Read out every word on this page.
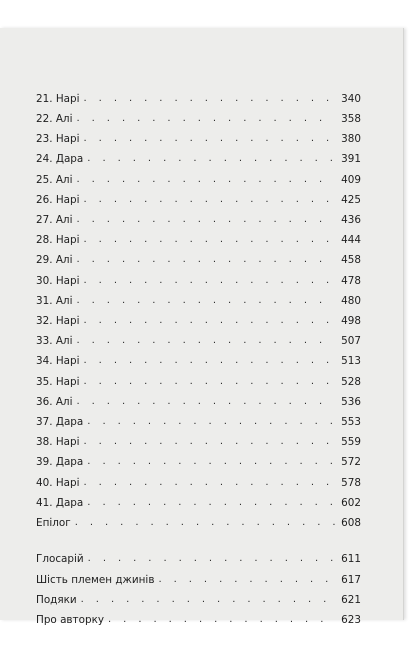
21. Нарі . . .	340
22. Алі . . .	358
23. Нарі . . .	380
24. Дара . . .	391
25. Алі . . .	409
26. Нарі . . .	425
27. Алі . . .	436
28. Нарі . . .	444
29. Алі . . .	458
30. Нарі . . .	478
31. Алі . . .	480
32. Нарі . . .	498
33. Алі . . .	507
34. Нарі . . .	513
35. Нарі . . .	528
36. Алі . . .	536
37. Дара . . .	553
38. Нарі . . .	559
39. Дара . . .	572
40. Нарі . . .	578
41. Дара . . .	602
Епілог . . .	608
Глосарій . . .	611
Шість племен джинів . . .	617
Подяки . . .	621
Про авторку . . .	623
